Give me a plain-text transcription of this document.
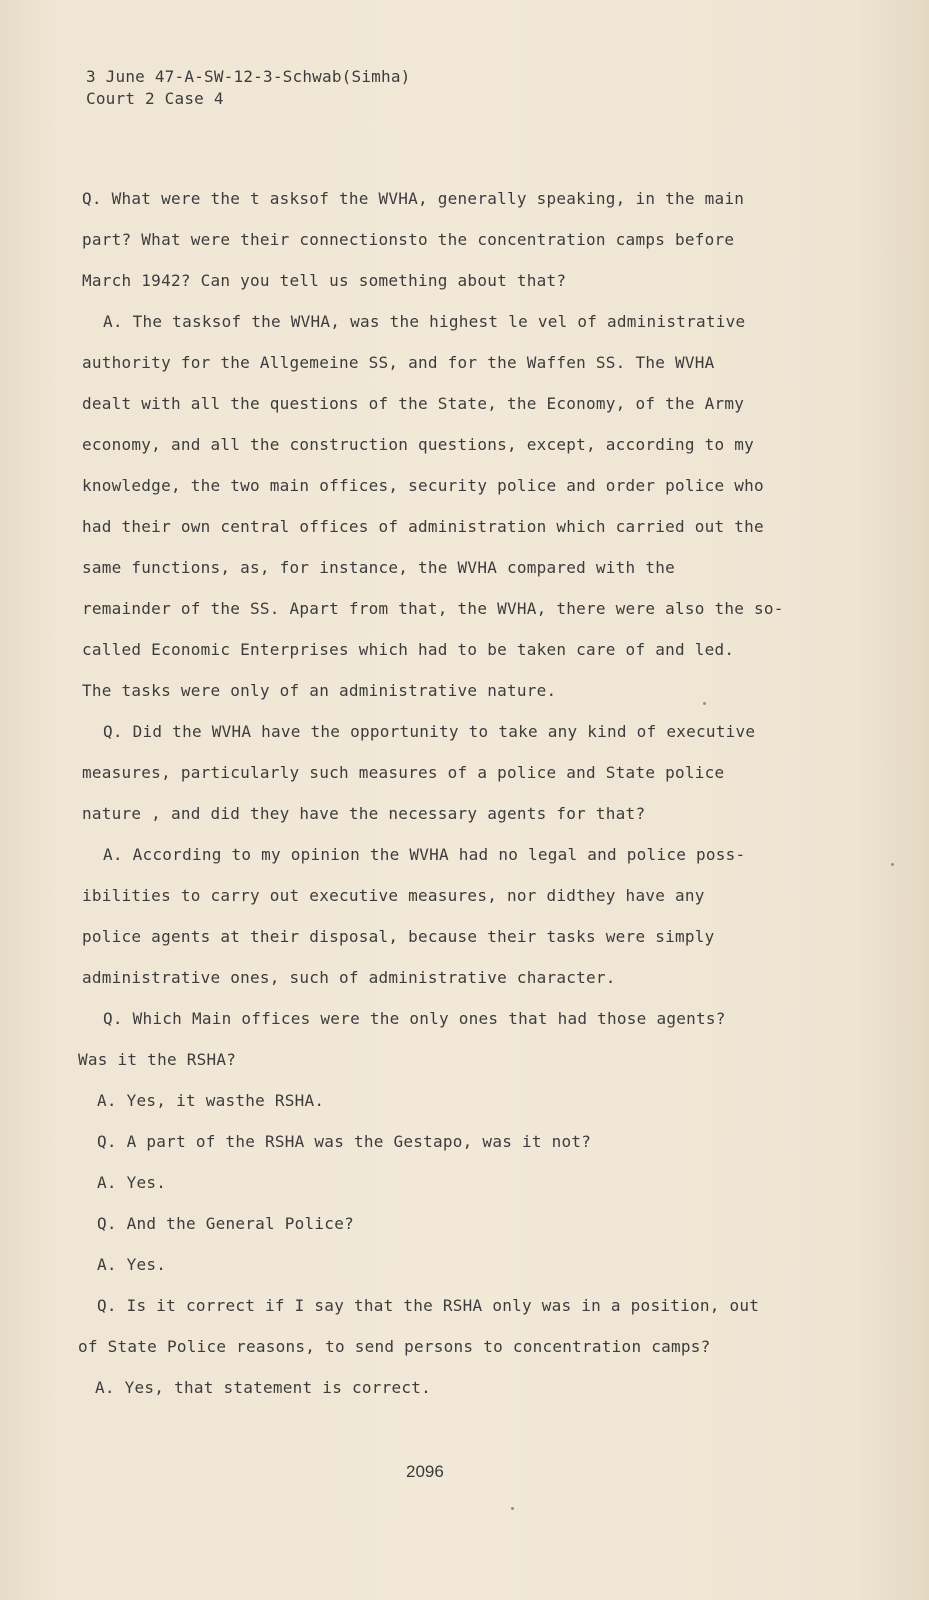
3 June 47-A-SW-12-3-Schwab(Simha)
Court 2 Case 4
Q. What were the t asksof the WVHA, generally speaking, in the main
part? What were their connectionsto the concentration camps before
March 1942? Can you tell us something about that?
A. The tasksof the WVHA, was the highest le vel of administrative
authority for the Allgemeine SS, and for the Waffen SS. The WVHA
dealt with all the questions of the State, the Economy, of the Army
economy, and all the construction questions, except, according to my
knowledge, the two main offices, security police and order police who
had their own central offices of administration which carried out the
same functions, as, for instance, the WVHA compared with the
remainder of the SS. Apart from that, the WVHA, there were also the so-
called Economic Enterprises which had to be taken care of and led.
The tasks were only of an administrative nature.
Q. Did the WVHA have the opportunity to take any kind of executive
measures, particularly such measures of a police and State police
nature , and did they have the necessary agents for that?
A. According to my opinion the WVHA had no legal and police poss-
ibilities to carry out executive measures, nor didthey have any
police agents at their disposal, because their tasks were simply
administrative ones, such of administrative character.
Q. Which Main offices were the only ones that had those agents?
Was it the RSHA?
A. Yes, it wasthe RSHA.
Q. A part of the RSHA was the Gestapo, was it not?
A. Yes.
Q. And the General Police?
A. Yes.
Q. Is it correct if I say that the RSHA only was in a position, out
of State Police reasons, to send persons to concentration camps?
A. Yes, that statement is correct.
2096
